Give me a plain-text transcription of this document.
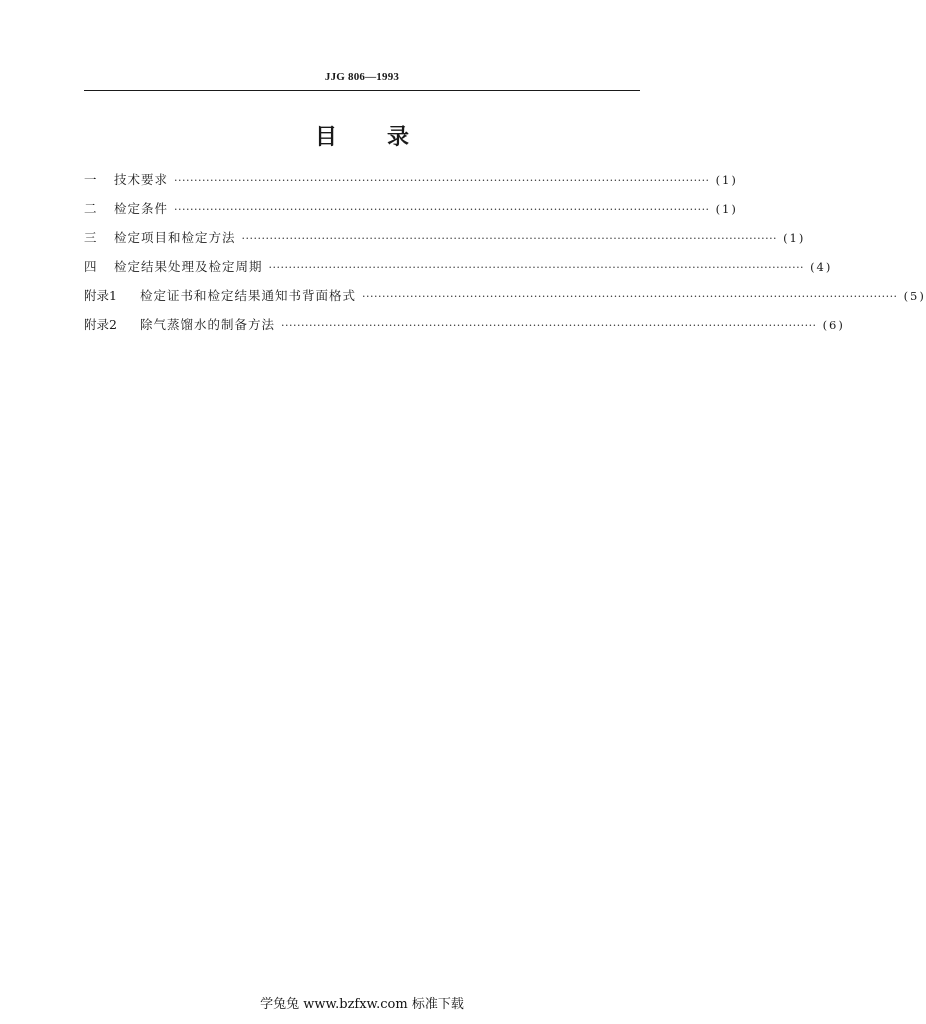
JJG 806—1993
目录
一	技术要求 ······································································································································ (1)
二	检定条件 ······································································································································ (1)
三	检定项目和检定方法 ······································································································································ (1)
四	检定结果处理及检定周期 ······································································································································ (4)
附录1	检定证书和检定结果通知书背面格式 ······································································································································ (5)
附录2	除气蒸馏水的制备方法 ······································································································································ (6)
学兔兔 www.bzfxw.com 标准下载
